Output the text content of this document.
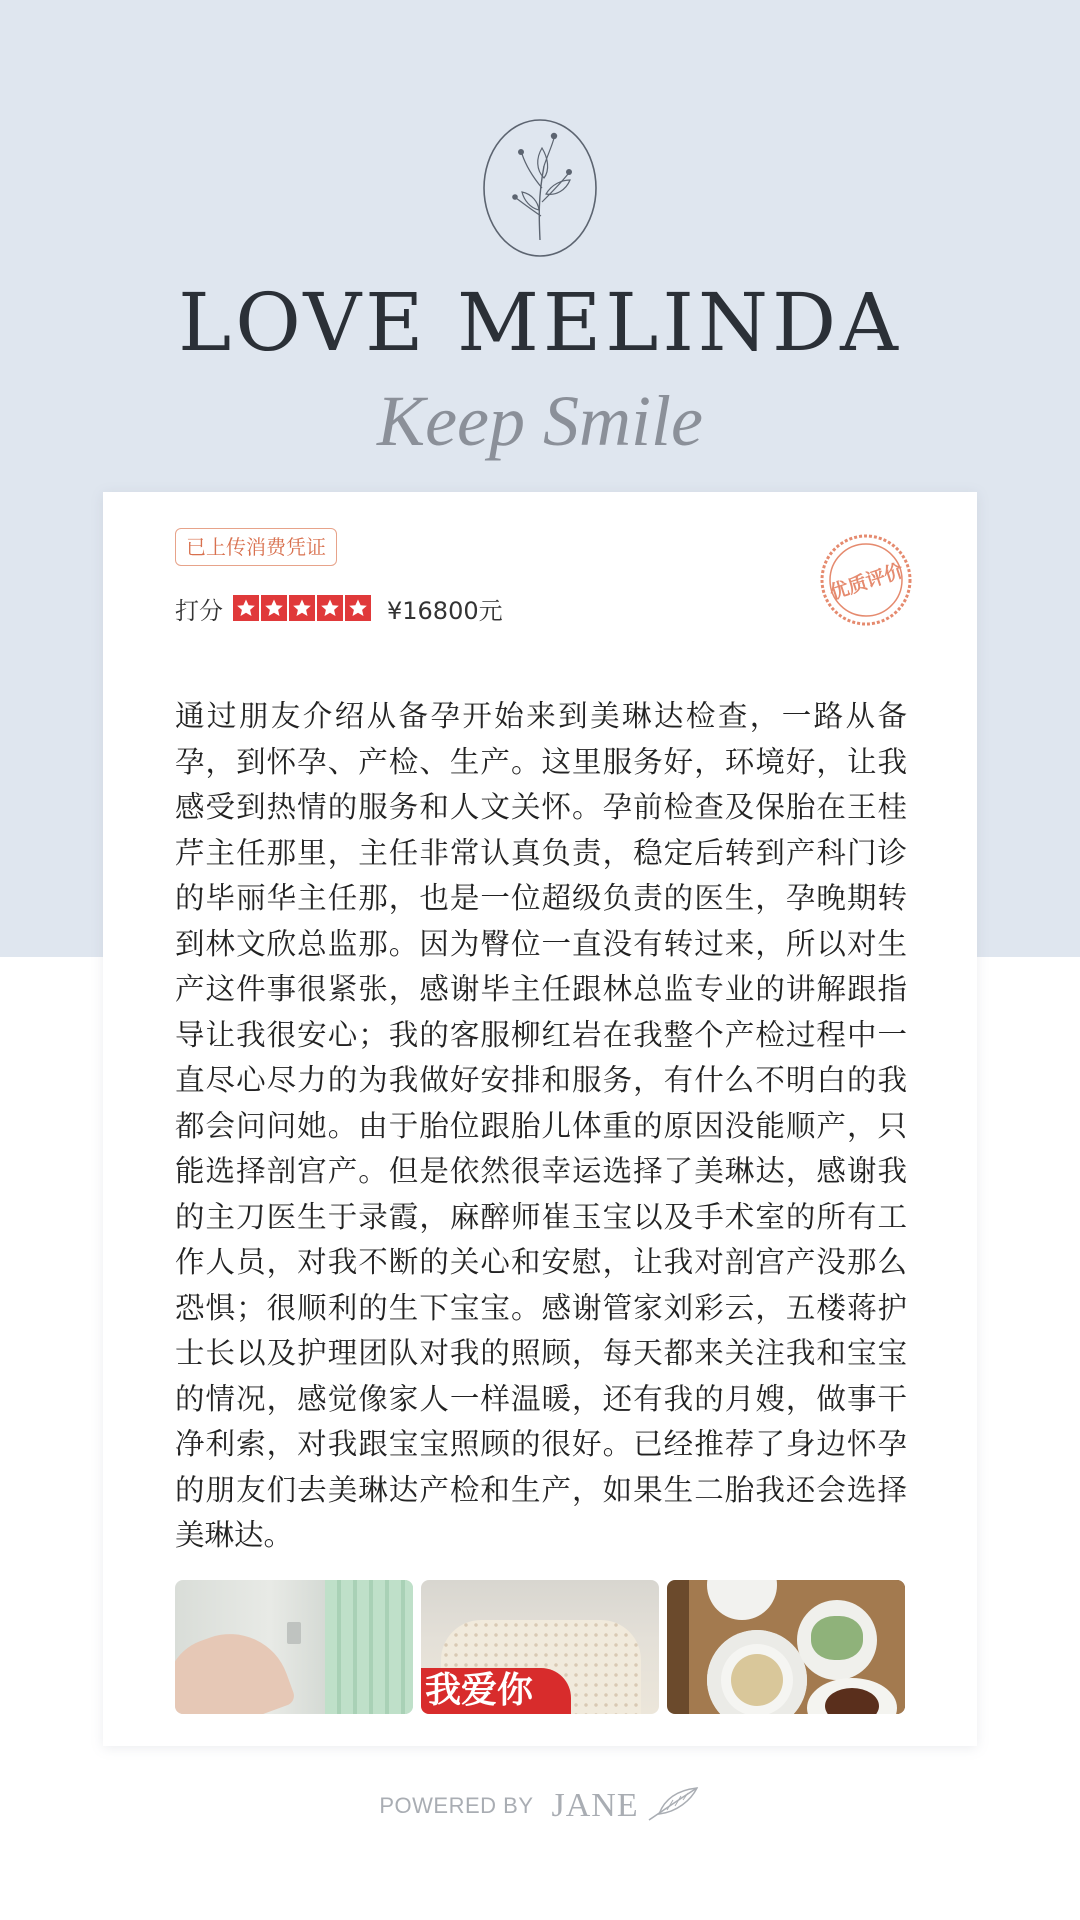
LOVE MELINDA
Keep Smile
已上传消费凭证
打分	¥16800元
优质评价

通过朋友介绍从备孕开始来到美琳达检查，一路从备孕，到怀孕、产检、生产。这里服务好，环境好，让我感受到热情的服务和人文关怀。孕前检查及保胎在王桂芹主任那里，主任非常认真负责，稳定后转到产科门诊的毕丽华主任那，也是一位超级负责的医生，孕晚期转到林文欣总监那。因为臀位一直没有转过来，所以对生产这件事很紧张，感谢毕主任跟林总监专业的讲解跟指导让我很安心；我的客服柳红岩在我整个产检过程中一直尽心尽力的为我做好安排和服务，有什么不明白的我都会问问她。由于胎位跟胎儿体重的原因没能顺产，只能选择剖宫产。但是依然很幸运选择了美琳达，感谢我的主刀医生于录霞，麻醉师崔玉宝以及手术室的所有工作人员，对我不断的关心和安慰，让我对剖宫产没那么恐惧；很顺利的生下宝宝。感谢管家刘彩云，五楼蒋护士长以及护理团队对我的照顾，每天都来关注我和宝宝的情况，感觉像家人一样温暖，还有我的月嫂，做事干净利索，对我跟宝宝照顾的很好。已经推荐了身边怀孕的朋友们去美琳达产检和生产，如果生二胎我还会选择美琳达。

我爱你
POWERED BY JANE
